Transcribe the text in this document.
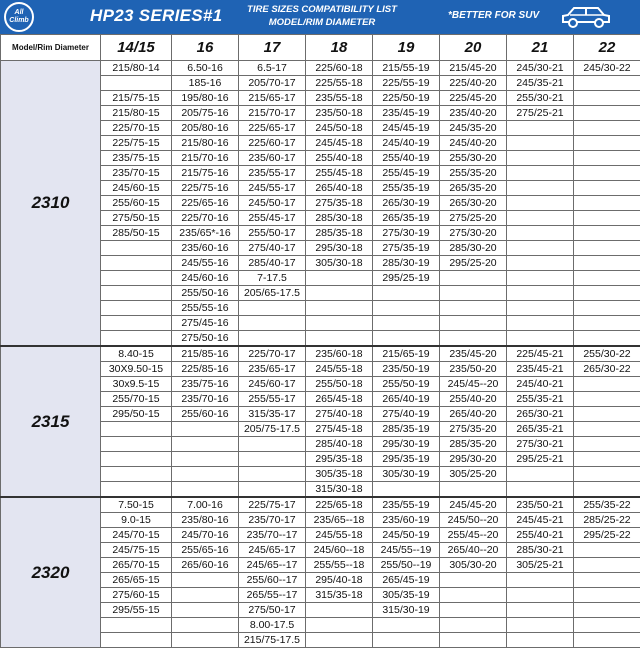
All Climb	HP23 SERIES#1	TIRE SIZES COMPATIBILITY LIST
MODEL/RIM DIAMETER
*BETTER FOR SUV
Model/Rim Diameter	14/15	16	17	18	19	20	21	22
2310	215/80-14	6.50-16	6.5-17	225/60-18	215/55-19	215/45-20	245/30-21	245/30-22
		185-16	205/70-17	225/55-18	225/55-19	225/40-20	245/35-21	
	215/75-15	195/80-16	215/65-17	235/55-18	225/50-19	225/45-20	255/30-21	
	215/80-15	205/75-16	215/70-17	235/50-18	235/45-19	235/40-20	275/25-21	
	225/70-15	205/80-16	225/65-17	245/50-18	245/45-19	245/35-20		
	225/75-15	215/80-16	225/60-17	245/45-18	245/40-19	245/40-20		
	235/75-15	215/70-16	235/60-17	255/40-18	255/40-19	255/30-20		
	235/70-15	215/75-16	235/55-17	255/45-18	255/45-19	255/35-20		
	245/60-15	225/75-16	245/55-17	265/40-18	255/35-19	265/35-20		
	255/60-15	225/65-16	245/50-17	275/35-18	265/30-19	265/30-20		
	275/50-15	225/70-16	255/45-17	285/30-18	265/35-19	275/25-20		
	285/50-15	235/65*-16	255/50-17	285/35-18	275/30-19	275/30-20		
		235/60-16	275/40-17	295/30-18	275/35-19	285/30-20		
		245/55-16	285/40-17	305/30-18	285/30-19	295/25-20		
		245/60-16	7-17.5		295/25-19			
		255/50-16	205/65-17.5					
		255/55-16						
		275/45-16						
		275/50-16						
2315	8.40-15	215/85-16	225/70-17	235/60-18	215/65-19	235/45-20	225/45-21	255/30-22
	30X9.50-15	225/85-16	235/65-17	245/55-18	235/50-19	235/50-20	235/45-21	265/30-22
	30x9.5-15	235/75-16	245/60-17	255/50-18	255/50-19	245/45--20	245/40-21	
	255/70-15	235/70-16	255/55-17	265/45-18	265/40-19	255/40-20	255/35-21	
	295/50-15	255/60-16	315/35-17	275/40-18	275/40-19	265/40-20	265/30-21	
			205/75-17.5	275/45-18	285/35-19	275/35-20	265/35-21	
				285/40-18	295/30-19	285/35-20	275/30-21	
				295/35-18	295/35-19	295/30-20	295/25-21	
				305/35-18	305/30-19	305/25-20		
				315/30-18				
2320	7.50-15	7.00-16	225/75-17	225/65-18	235/55-19	245/45-20	235/50-21	255/35-22
	9.0-15	235/80-16	235/70-17	235/65--18	235/60-19	245/50--20	245/45-21	285/25-22
	245/70-15	245/70-16	235/70--17	245/55-18	245/50-19	255/45--20	255/40-21	295/25-22
	245/75-15	255/65-16	245/65-17	245/60--18	245/55--19	265/40--20	285/30-21	
	265/70-15	265/60-16	245/65--17	255/55--18	255/50--19	305/30-20	305/25-21	
	265/65-15		255/60--17	295/40-18	265/45-19			
	275/60-15		265/55--17	315/35-18	305/35-19			
	295/55-15		275/50-17		315/30-19			
			8.00-17.5					
			215/75-17.5					
